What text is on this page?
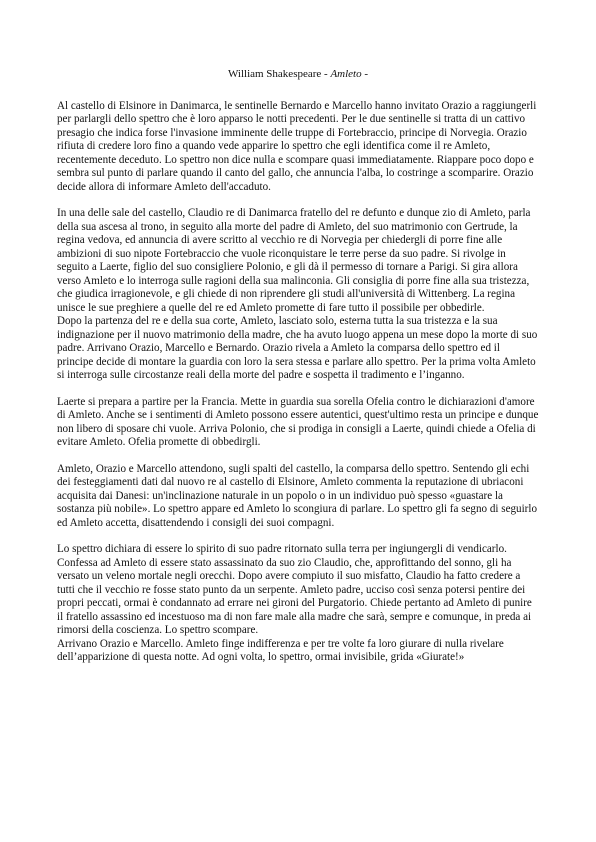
William Shakespeare - Amleto -

Al castello di Elsinore in Danimarca, le sentinelle Bernardo e Marcello hanno invitato Orazio a raggiungerli per parlargli dello spettro che è loro apparso le notti precedenti. Per le due sentinelle si tratta di un cattivo presagio che indica forse l'invasione imminente delle truppe di Fortebraccio, principe di Norvegia. Orazio rifiuta di credere loro fino a quando vede apparire lo spettro che egli identifica come il re Amleto, recentemente deceduto. Lo spettro non dice nulla e scompare quasi immediatamente. Riappare poco dopo e sembra sul punto di parlare quando il canto del gallo, che annuncia l'alba, lo costringe a scomparire. Orazio decide allora di informare Amleto dell'accaduto.

In una delle sale del castello, Claudio re di Danimarca fratello del re defunto e dunque zio di Amleto, parla della sua ascesa al trono, in seguito alla morte del padre di Amleto, del suo matrimonio con Gertrude, la regina vedova, ed annuncia di avere scritto al vecchio re di Norvegia per chiedergli di porre fine alle ambizioni di suo nipote Fortebraccio che vuole riconquistare le terre perse da suo padre. Si rivolge in seguito a Laerte, figlio del suo consigliere Polonio, e gli dà il permesso di tornare a Parigi. Si gira allora verso Amleto e lo interroga sulle ragioni della sua malinconia. Gli consiglia di porre fine alla sua tristezza, che giudica irragionevole, e gli chiede di non riprendere gli studi all'università di Wittenberg. La regina unisce le sue preghiere a quelle del re ed Amleto promette di fare tutto il possibile per obbedirle.

Dopo la partenza del re e della sua corte, Amleto, lasciato solo, esterna tutta la sua tristezza e la sua indignazione per il nuovo matrimonio della madre, che ha avuto luogo appena un mese dopo la morte di suo padre. Arrivano Orazio, Marcello e Bernardo. Orazio rivela a Amleto la comparsa dello spettro ed il principe decide di montare la guardia con loro la sera stessa e parlare allo spettro. Per la prima volta Amleto si interroga sulle circostanze reali della morte del padre e sospetta il tradimento e l’inganno.

Laerte si prepara a partire per la Francia. Mette in guardia sua sorella Ofelia contro le dichiarazioni d'amore di Amleto. Anche se i sentimenti di Amleto possono essere autentici, quest'ultimo resta un principe e dunque non libero di sposare chi vuole. Arriva Polonio, che si prodiga in consigli a Laerte, quindi chiede a Ofelia di evitare Amleto. Ofelia promette di obbedirgli.

Amleto, Orazio e Marcello attendono, sugli spalti del castello, la comparsa dello spettro. Sentendo gli echi dei festeggiamenti dati dal nuovo re al castello di Elsinore, Amleto commenta la reputazione di ubriaconi acquisita dai Danesi: un'inclinazione naturale in un popolo o in un individuo può spesso «guastare la sostanza più nobile». Lo spettro appare ed Amleto lo scongiura di parlare. Lo spettro gli fa segno di seguirlo ed Amleto accetta, disattendendo i consigli dei suoi compagni.

Lo spettro dichiara di essere lo spirito di suo padre ritornato sulla terra per ingiungergli di vendicarlo. Confessa ad Amleto di essere stato assassinato da suo zio Claudio, che, approfittando del sonno, gli ha versato un veleno mortale negli orecchi. Dopo avere compiuto il suo misfatto, Claudio ha fatto credere a tutti che il vecchio re fosse stato punto da un serpente. Amleto padre, ucciso così senza potersi pentire dei propri peccati, ormai è condannato ad errare nei gironi del Purgatorio. Chiede pertanto ad Amleto di punire il fratello assassino ed incestuoso ma di non fare male alla madre che sarà, sempre e comunque, in preda ai rimorsi della coscienza. Lo spettro scompare.

Arrivano Orazio e Marcello. Amleto finge indifferenza e per tre volte fa loro giurare di nulla rivelare dell’apparizione di questa notte. Ad ogni volta, lo spettro, ormai invisibile, grida «Giurate!»
